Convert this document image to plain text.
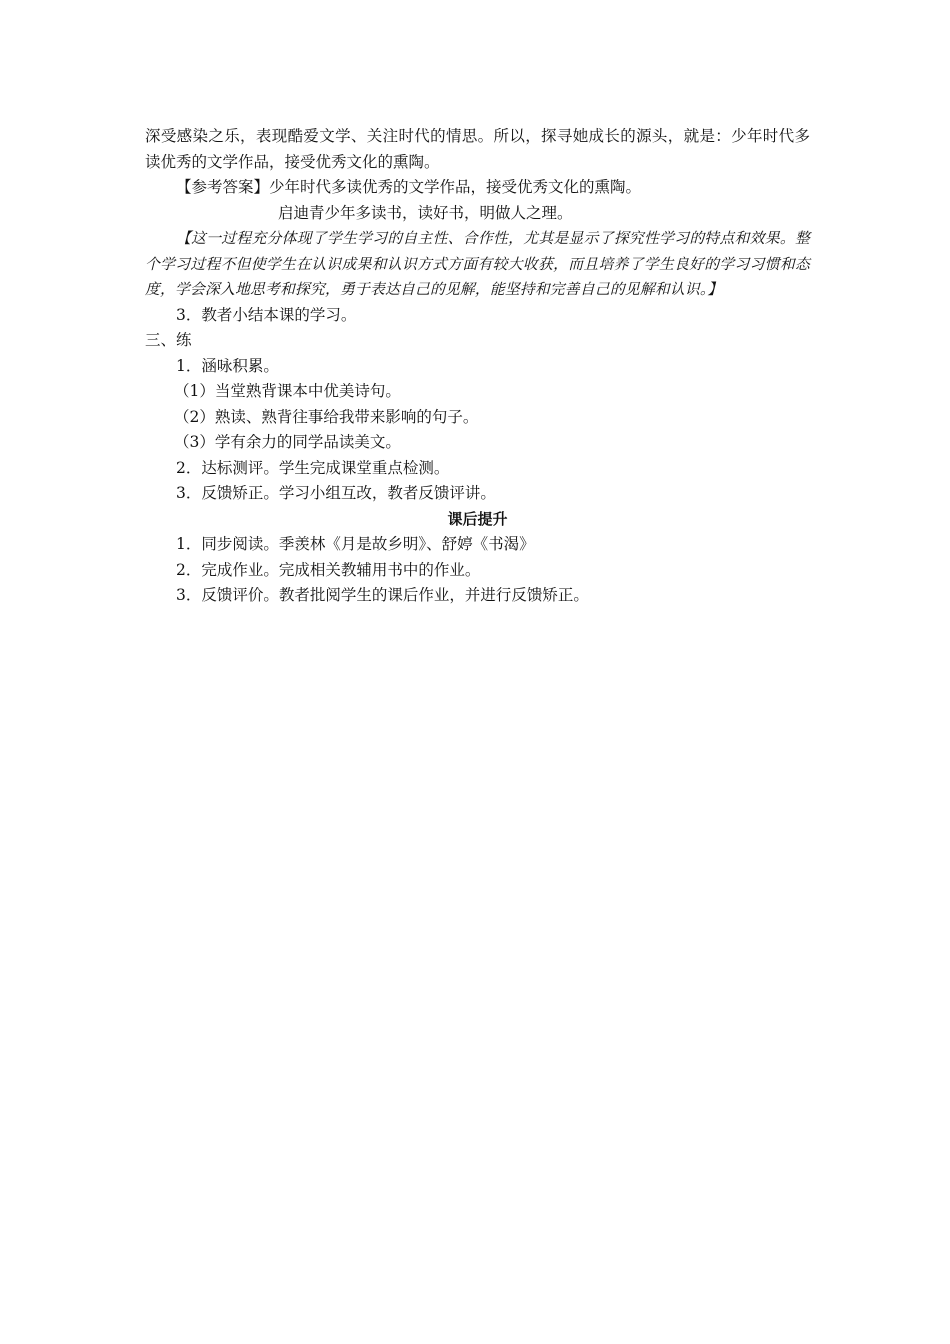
深受感染之乐，表现酷爱文学、关注时代的情思。所以，探寻她成长的源头，就是：少年时代多读优秀的文学作品，接受优秀文化的熏陶。

【参考答案】少年时代多读优秀的文学作品，接受优秀文化的熏陶。

启迪青少年多读书，读好书，明做人之理。

【这一过程充分体现了学生学习的自主性、合作性，尤其是显示了探究性学习的特点和效果。整个学习过程不但使学生在认识成果和认识方式方面有较大收获，而且培养了学生良好的学习习惯和态度，学会深入地思考和探究，勇于表达自己的见解，能坚持和完善自己的见解和认识。】

3．教者小结本课的学习。

三、练

1．涵咏积累。

（1）当堂熟背课本中优美诗句。

（2）熟读、熟背往事给我带来影响的句子。

（3）学有余力的同学品读美文。

2．达标测评。学生完成课堂重点检测。

3．反馈矫正。学习小组互改，教者反馈评讲。

课后提升

1．同步阅读。季羡林《月是故乡明》、舒婷《书渴》

2．完成作业。完成相关教辅用书中的作业。

3．反馈评价。教者批阅学生的课后作业，并进行反馈矫正。
